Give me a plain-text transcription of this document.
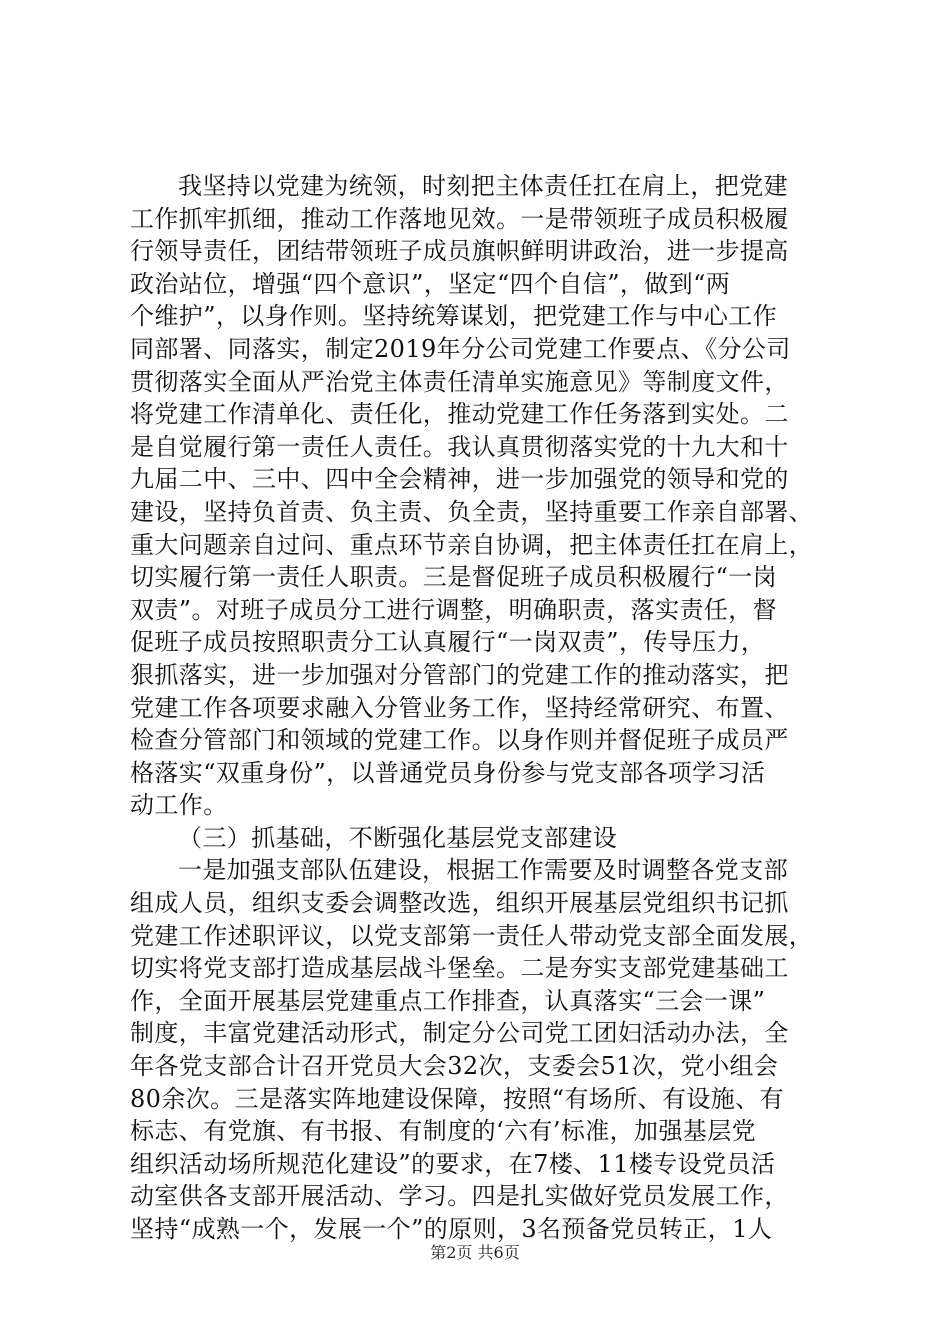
我坚持以党建为统领，时刻把主体责任扛在肩上，把党建
工作抓牢抓细，推动工作落地见效。一是带领班子成员积极履
行领导责任，团结带领班子成员旗帜鲜明讲政治，进一步提高
政治站位，增强“四个意识”，坚定“四个自信”，做到“两
个维护”，以身作则。坚持统筹谋划，把党建工作与中心工作
同部署、同落实，制定2019年分公司党建工作要点、《分公司
贯彻落实全面从严治党主体责任清单实施意见》等制度文件，
将党建工作清单化、责任化，推动党建工作任务落到实处。二
是自觉履行第一责任人责任。我认真贯彻落实党的十九大和十
九届二中、三中、四中全会精神，进一步加强党的领导和党的
建设，坚持负首责、负主责、负全责，坚持重要工作亲自部署、
重大问题亲自过问、重点环节亲自协调，把主体责任扛在肩上，
切实履行第一责任人职责。三是督促班子成员积极履行“一岗
双责”。对班子成员分工进行调整，明确职责，落实责任，督
促班子成员按照职责分工认真履行“一岗双责”，传导压力，
狠抓落实，进一步加强对分管部门的党建工作的推动落实，把
党建工作各项要求融入分管业务工作，坚持经常研究、布置、
检查分管部门和领域的党建工作。以身作则并督促班子成员严
格落实“双重身份”，以普通党员身份参与党支部各项学习活
动工作。
（三）抓基础，不断强化基层党支部建设
一是加强支部队伍建设，根据工作需要及时调整各党支部
组成人员，组织支委会调整改选，组织开展基层党组织书记抓
党建工作述职评议，以党支部第一责任人带动党支部全面发展，
切实将党支部打造成基层战斗堡垒。二是夯实支部党建基础工
作，全面开展基层党建重点工作排查，认真落实“三会一课”
制度，丰富党建活动形式，制定分公司党工团妇活动办法，全
年各党支部合计召开党员大会32次，支委会51次，党小组会
80余次。三是落实阵地建设保障，按照“有场所、有设施、有
标志、有党旗、有书报、有制度的‘六有’标准，加强基层党
组织活动场所规范化建设”的要求，在7楼、11楼专设党员活
动室供各支部开展活动、学习。四是扎实做好党员发展工作，
坚持“成熟一个，发展一个”的原则，3名预备党员转正，1人
第2页 共6页
